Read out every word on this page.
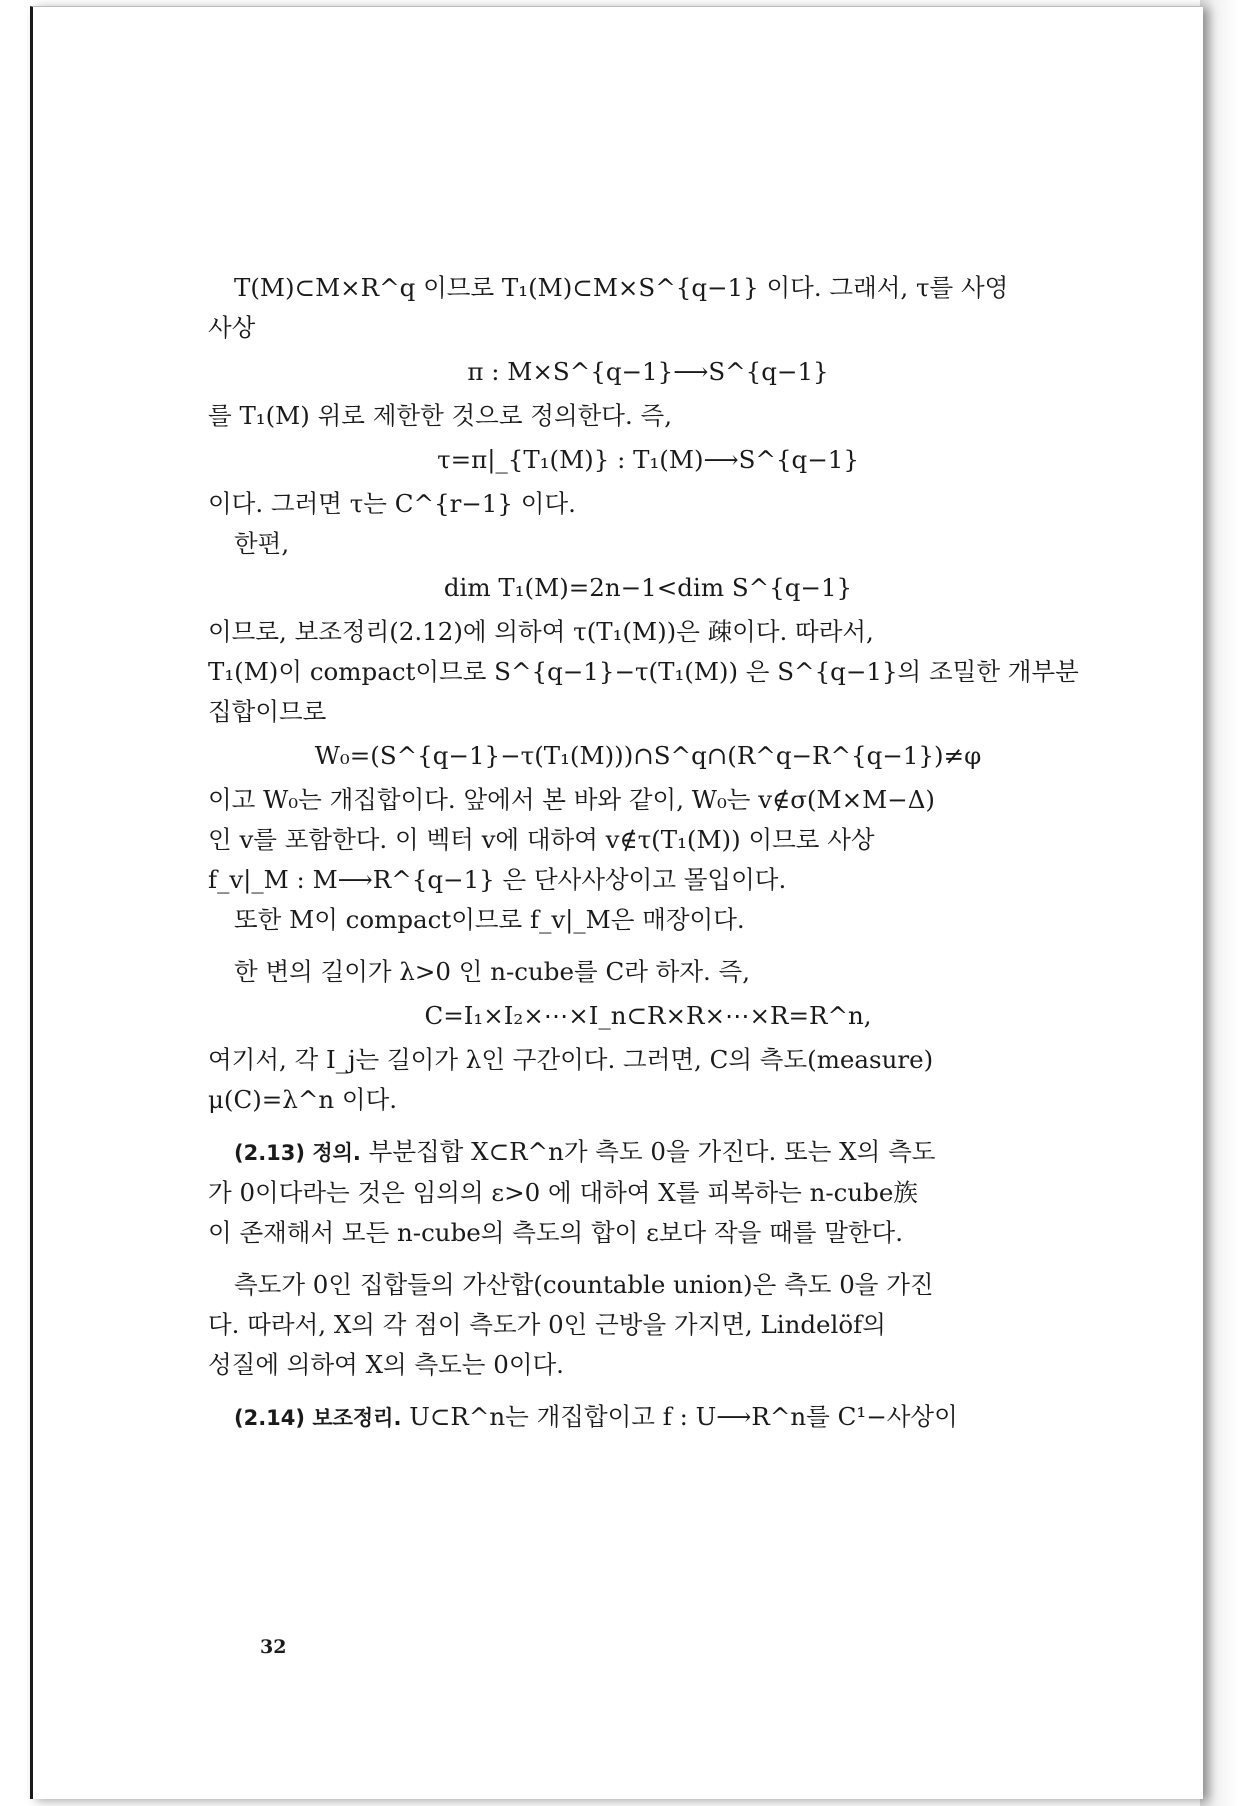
T(M)⊂M×R^q 이므로 T₁(M)⊂M×S^{q−1} 이다. 그래서, τ를 사영

사상

π : M×S^{q−1}⟶S^{q−1}

를 T₁(M) 위로 제한한 것으로 정의한다. 즉,

τ=π|_{T₁(M)} : T₁(M)⟶S^{q−1}

이다. 그러면 τ는 C^{r−1} 이다.

한편,

dim T₁(M)=2n−1<dim S^{q−1}

이므로, 보조정리(2.12)에 의하여 τ(T₁(M))은 疎이다. 따라서,

T₁(M)이 compact이므로 S^{q−1}−τ(T₁(M)) 은 S^{q−1}의 조밀한 개부분

집합이므로

W₀=(S^{q−1}−τ(T₁(M)))∩S^q∩(R^q−R^{q−1})≠φ

이고 W₀는 개집합이다. 앞에서 본 바와 같이, W₀는 v∉σ(M×M−Δ)

인 v를 포함한다. 이 벡터 v에 대하여 v∉τ(T₁(M)) 이므로 사상

f_v|_M : M⟶R^{q−1} 은 단사사상이고 몰입이다.

또한 M이 compact이므로 f_v|_M은 매장이다.

한 변의 길이가 λ>0 인 n-cube를 C라 하자. 즉,

C=I₁×I₂×⋯×I_n⊂R×R×⋯×R=R^n,

여기서, 각 I_j는 길이가 λ인 구간이다. 그러면, C의 측도(measure)

μ(C)=λ^n 이다.

(2.13) 정의. 부분집합 X⊂R^n가 측도 0을 가진다. 또는 X의 측도

가 0이다라는 것은 임의의 ε>0 에 대하여 X를 피복하는 n-cube族

이 존재해서 모든 n-cube의 측도의 합이 ε보다 작을 때를 말한다.

측도가 0인 집합들의 가산합(countable union)은 측도 0을 가진

다. 따라서, X의 각 점이 측도가 0인 근방을 가지면, Lindelöf의

성질에 의하여 X의 측도는 0이다.

(2.14) 보조정리. U⊂R^n는 개집합이고 f : U⟶R^n를 C¹−사상이

32
